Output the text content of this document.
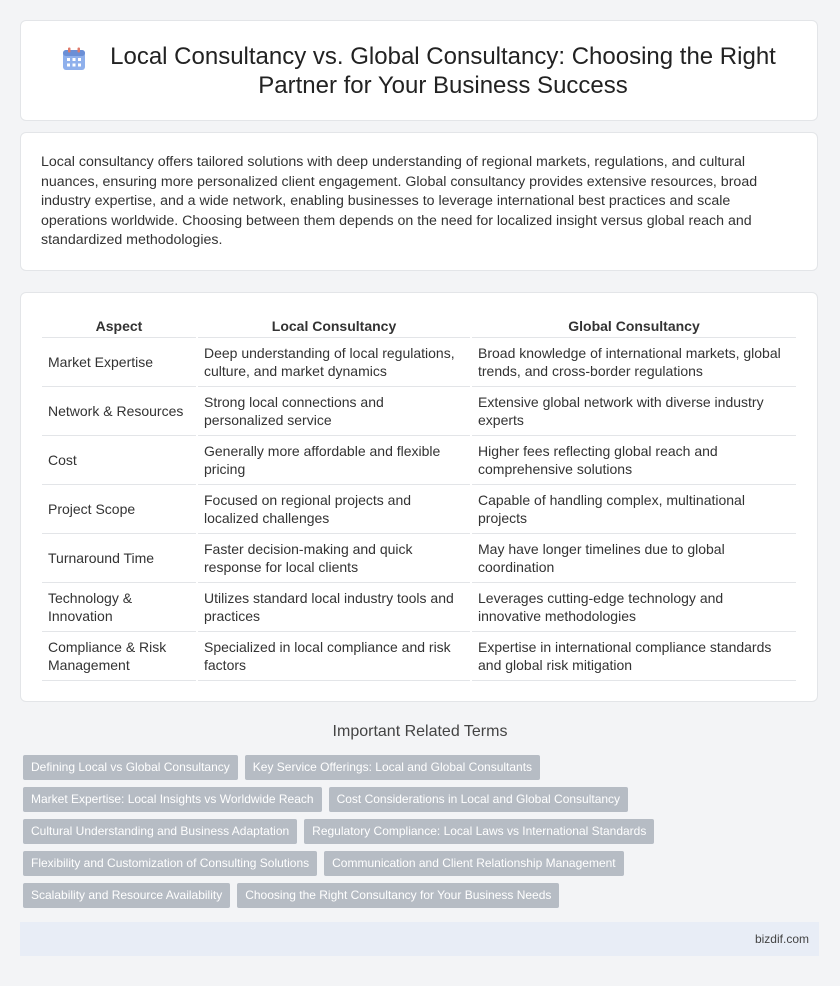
Local Consultancy vs. Global Consultancy: Choosing the Right Partner for Your Business Success

Local consultancy offers tailored solutions with deep understanding of regional markets, regulations, and cultural nuances, ensuring more personalized client engagement. Global consultancy provides extensive resources, broad industry expertise, and a wide network, enabling businesses to leverage international best practices and scale operations worldwide. Choosing between them depends on the need for localized insight versus global reach and standardized methodologies.

Aspect	Local Consultancy	Global Consultancy
Market Expertise	Deep understanding of local regulations, culture, and market dynamics	Broad knowledge of international markets, global trends, and cross-border regulations
Network & Resources	Strong local connections and personalized service	Extensive global network with diverse industry experts
Cost	Generally more affordable and flexible pricing	Higher fees reflecting global reach and comprehensive solutions
Project Scope	Focused on regional projects and localized challenges	Capable of handling complex, multinational projects
Turnaround Time	Faster decision-making and quick response for local clients	May have longer timelines due to global coordination
Technology & Innovation	Utilizes standard local industry tools and practices	Leverages cutting-edge technology and innovative methodologies
Compliance & Risk Management	Specialized in local compliance and risk factors	Expertise in international compliance standards and global risk mitigation
Important Related Terms
Defining Local vs Global Consultancy	Key Service Offerings: Local and Global Consultants
Market Expertise: Local Insights vs Worldwide Reach	Cost Considerations in Local and Global Consultancy
Cultural Understanding and Business Adaptation	Regulatory Compliance: Local Laws vs International Standards
Flexibility and Customization of Consulting Solutions	Communication and Client Relationship Management
Scalability and Resource Availability	Choosing the Right Consultancy for Your Business Needs
bizdif.com
